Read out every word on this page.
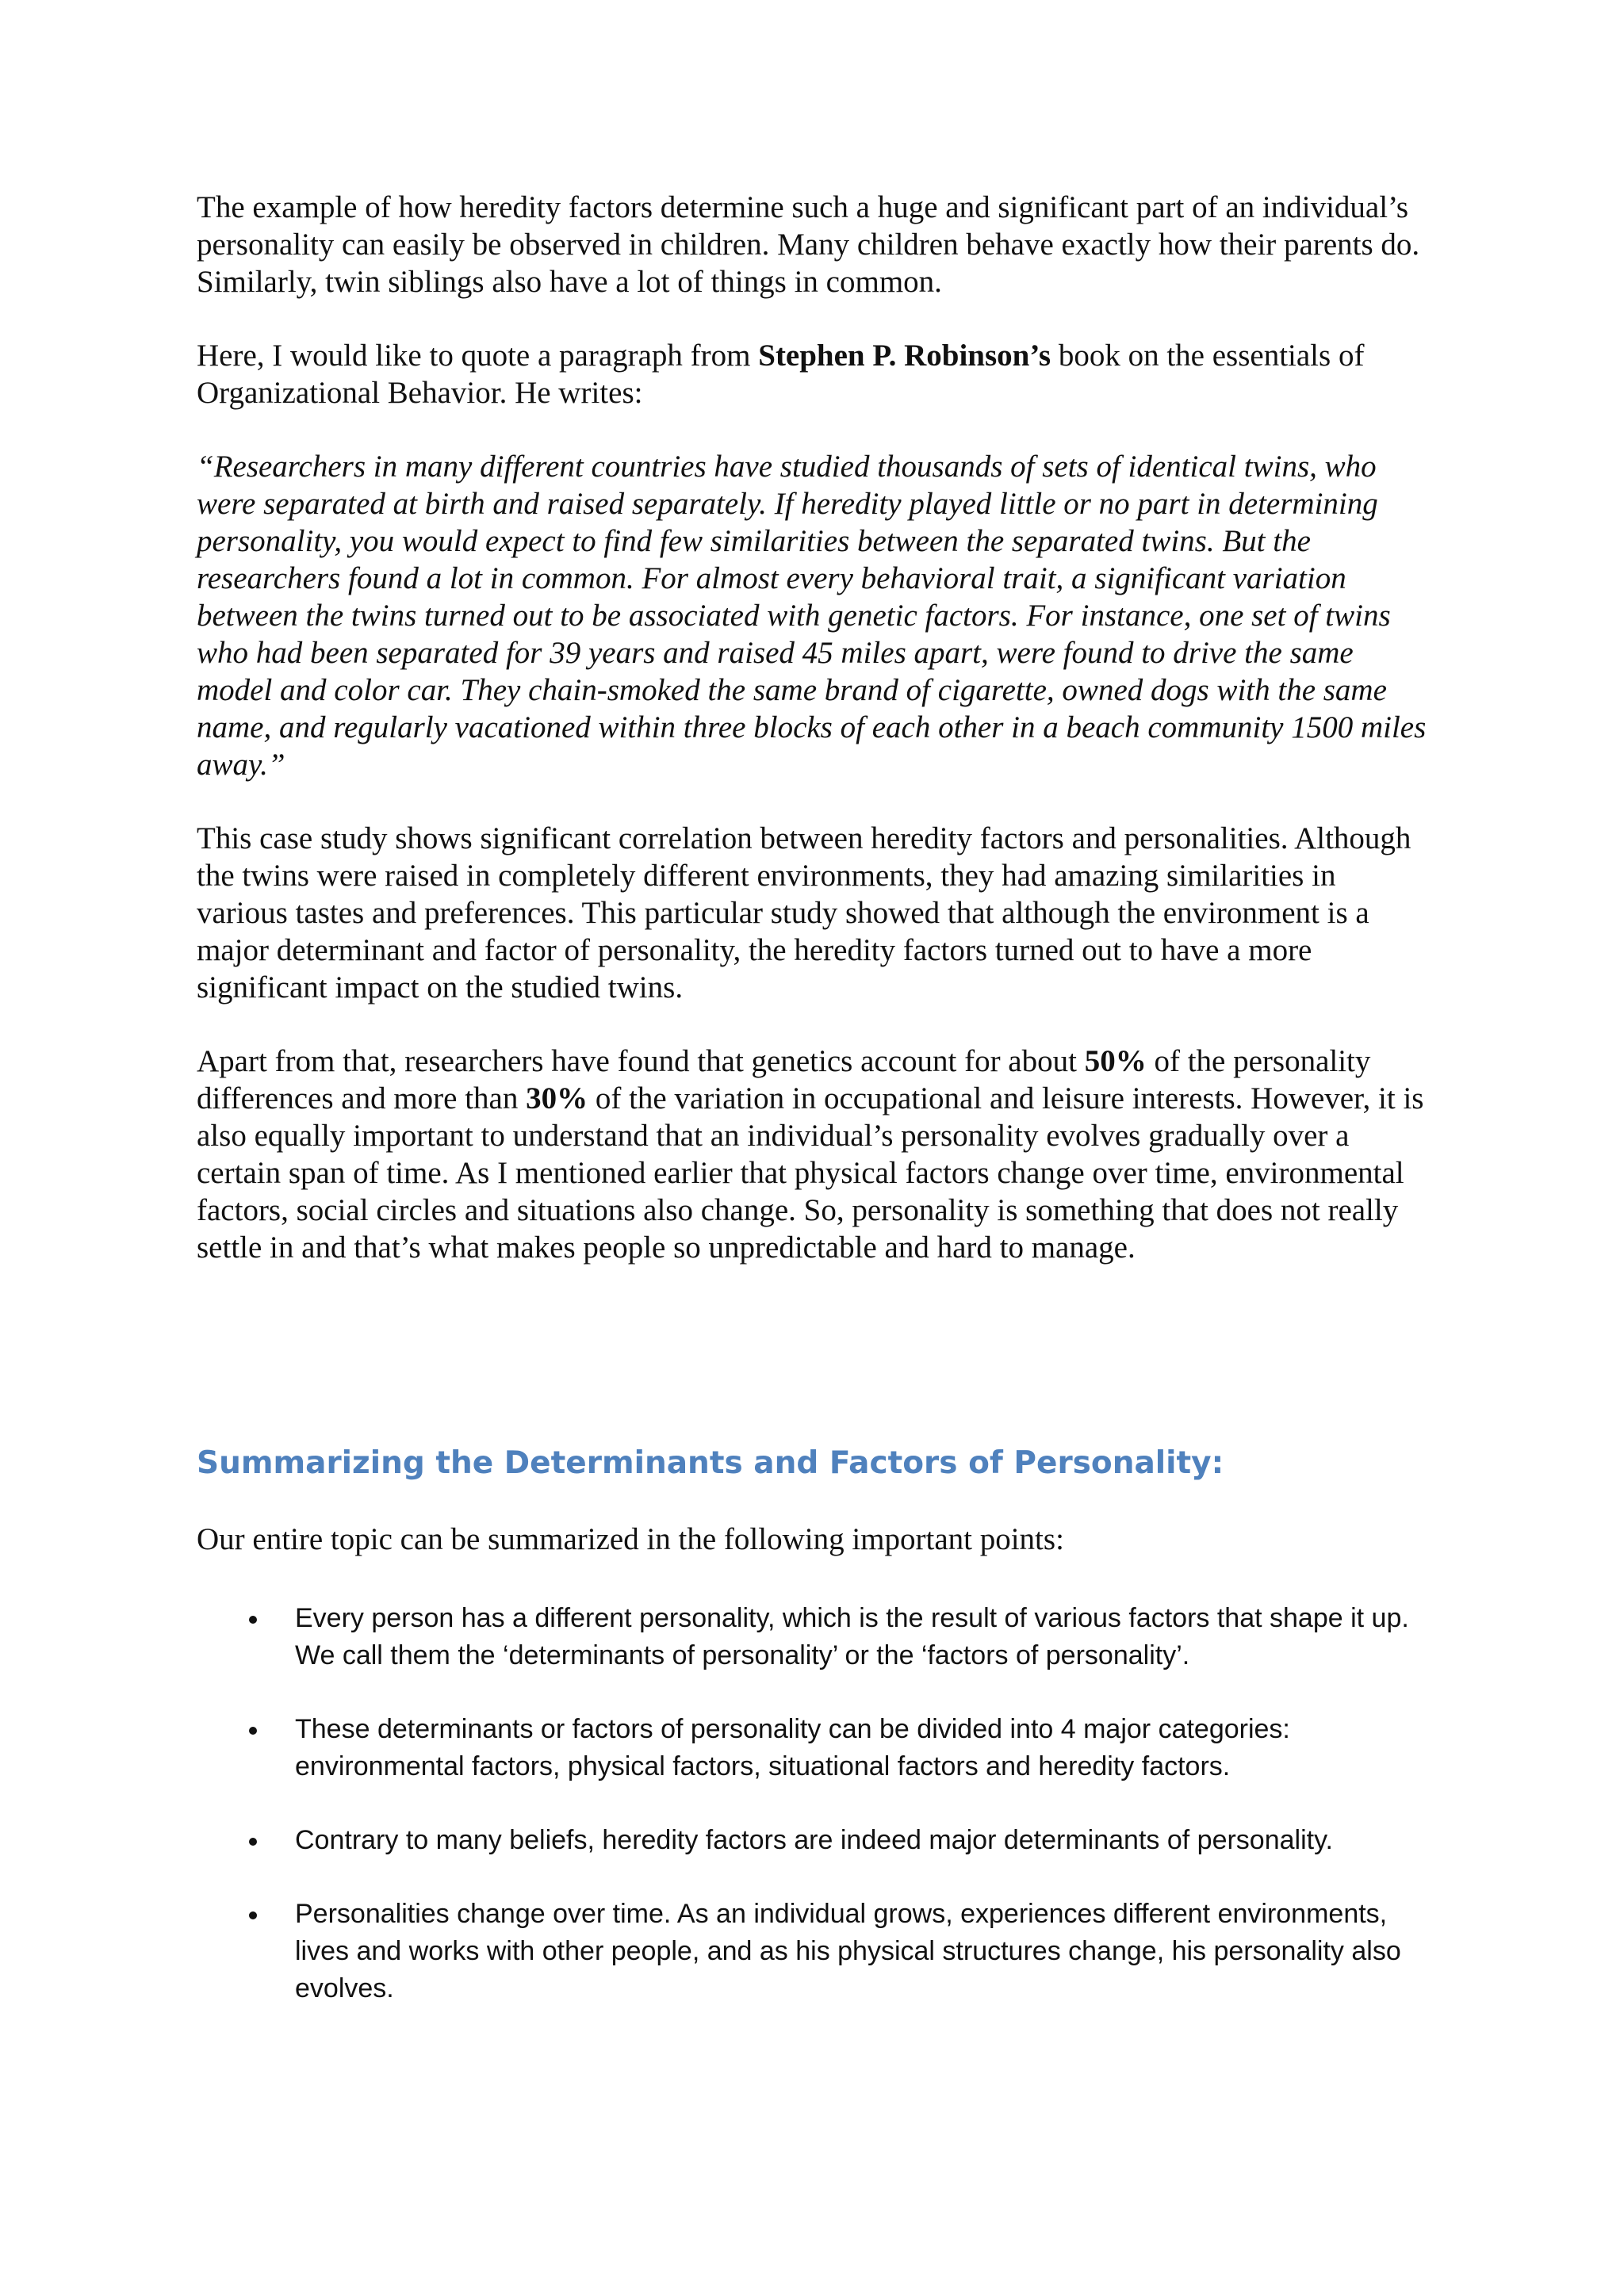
The example of how heredity factors determine such a huge and significant part of an individual’s personality can easily be observed in children. Many children behave exactly how their parents do. Similarly, twin siblings also have a lot of things in common.

Here, I would like to quote a paragraph from Stephen P. Robinson’s book on the essentials of Organizational Behavior. He writes:

“Researchers in many different countries have studied thousands of sets of identical twins, who were separated at birth and raised separately. If heredity played little or no part in determining personality, you would expect to find few similarities between the separated twins. But the researchers found a lot in common. For almost every behavioral trait, a significant variation between the twins turned out to be associated with genetic factors. For instance, one set of twins who had been separated for 39 years and raised 45 miles apart, were found to drive the same model and color car. They chain-smoked the same brand of cigarette, owned dogs with the same name, and regularly vacationed within three blocks of each other in a beach community 1500 miles away.”

This case study shows significant correlation between heredity factors and personalities. Although the twins were raised in completely different environments, they had amazing similarities in various tastes and preferences. This particular study showed that although the environment is a major determinant and factor of personality, the heredity factors turned out to have a more significant impact on the studied twins.

Apart from that, researchers have found that genetics account for about 50% of the personality differences and more than 30% of the variation in occupational and leisure interests. However, it is also equally important to understand that an individual’s personality evolves gradually over a certain span of time. As I mentioned earlier that physical factors change over time, environmental factors, social circles and situations also change. So, personality is something that does not really settle in and that’s what makes people so unpredictable and hard to manage.

Summarizing the Determinants and Factors of Personality:

Our entire topic can be summarized in the following important points:

Every person has a different personality, which is the result of various factors that shape it up. We call them the ‘determinants of personality’ or the ‘factors of personality’.
These determinants or factors of personality can be divided into 4 major categories: environmental factors, physical factors, situational factors and heredity factors.
Contrary to many beliefs, heredity factors are indeed major determinants of personality.
Personalities change over time. As an individual grows, experiences different environments, lives and works with other people, and as his physical structures change, his personality also evolves.
